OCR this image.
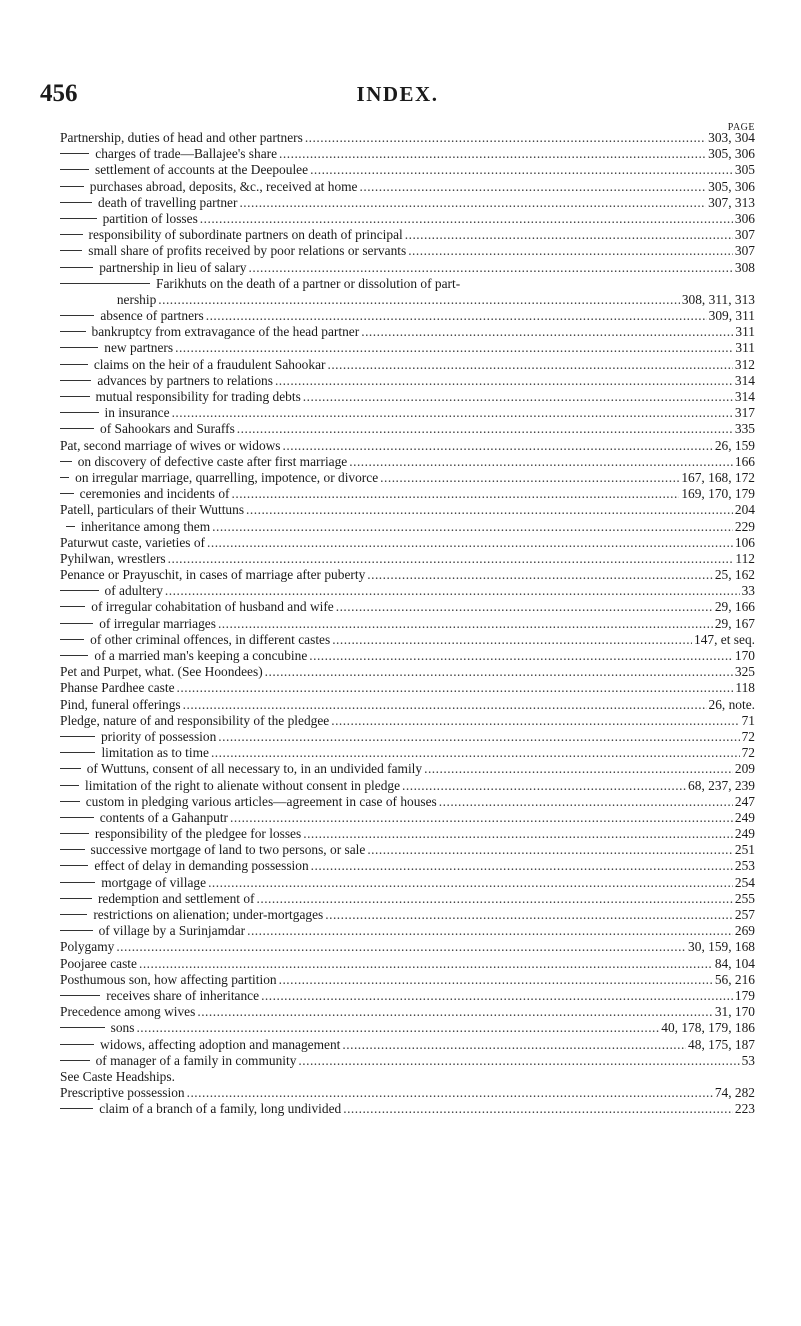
456	INDEX.
PAGE
Partnership, duties of head and other partners .....	303, 304
charges of trade—Ballajee's share .....	305, 306
settlement of accounts at the Deepoulee .....	305
purchases abroad, deposits, &c., received at home .....	305, 306
death of travelling partner .....	307, 313
partition of losses .....	306
responsibility of subordinate partners on death of principal .....	307
small share of profits received by poor relations or servants .....	307
partnership in lieu of salary .....	308
Farikhuts on the death of a partner or dissolution of part-
nership .....	308, 311, 313
absence of partners .....	309, 311
bankruptcy from extravagance of the head partner .....	311
new partners .....	311
claims on the heir of a fraudulent Sahookar .....	312
advances by partners to relations .....	314
mutual responsibility for trading debts .....	314
in insurance .....	317
of Sahookars and Suraffs .....	335
Pat, second marriage of wives or widows .....	26, 159
on discovery of defective caste after first marriage .....	166
on irregular marriage, quarrelling, impotence, or divorce .....	167, 168, 172
ceremonies and incidents of .....	169, 170, 179
Patell, particulars of their Wuttuns .....	204
inheritance among them .....	229
Paturwut caste, varieties of .....	106
Pyhilwan, wrestlers .....	112
Penance or Prayuschit, in cases of marriage after puberty .....	25, 162
of adultery .....	33
of irregular cohabitation of husband and wife .....	29, 166
of irregular marriages .....	29, 167
of other criminal offences, in different castes .....	147, et seq.
of a married man's keeping a concubine .....	170
Pet and Purpet, what. (See Hoondees) .....	325
Phanse Pardhee caste .....	118
Pind, funeral offerings .....	26, note.
Pledge, nature of and responsibility of the pledgee .....	71
priority of possession .....	72
limitation as to time .....	72
of Wuttuns, consent of all necessary to, in an undivided family .....	209
limitation of the right to alienate without consent in pledge .....	68, 237, 239
custom in pledging various articles—agreement in case of houses .....	247
contents of a Gahanputr .....	249
responsibility of the pledgee for losses .....	249
successive mortgage of land to two persons, or sale .....	251
effect of delay in demanding possession .....	253
mortgage of village .....	254
redemption and settlement of .....	255
restrictions on alienation; under-mortgages .....	257
of village by a Surinjamdar .....	269
Polygamy .....	30, 159, 168
Poojaree caste .....	84, 104
Posthumous son, how affecting partition .....	56, 216
receives share of inheritance .....	179
Precedence among wives .....	31, 170
sons .....	40, 178, 179, 186
widows, affecting adoption and management .....	48, 175, 187
of manager of a family in community .....	53
See Caste Headships.
Prescriptive possession .....	74, 282
claim of a branch of a family, long undivided .....	223
